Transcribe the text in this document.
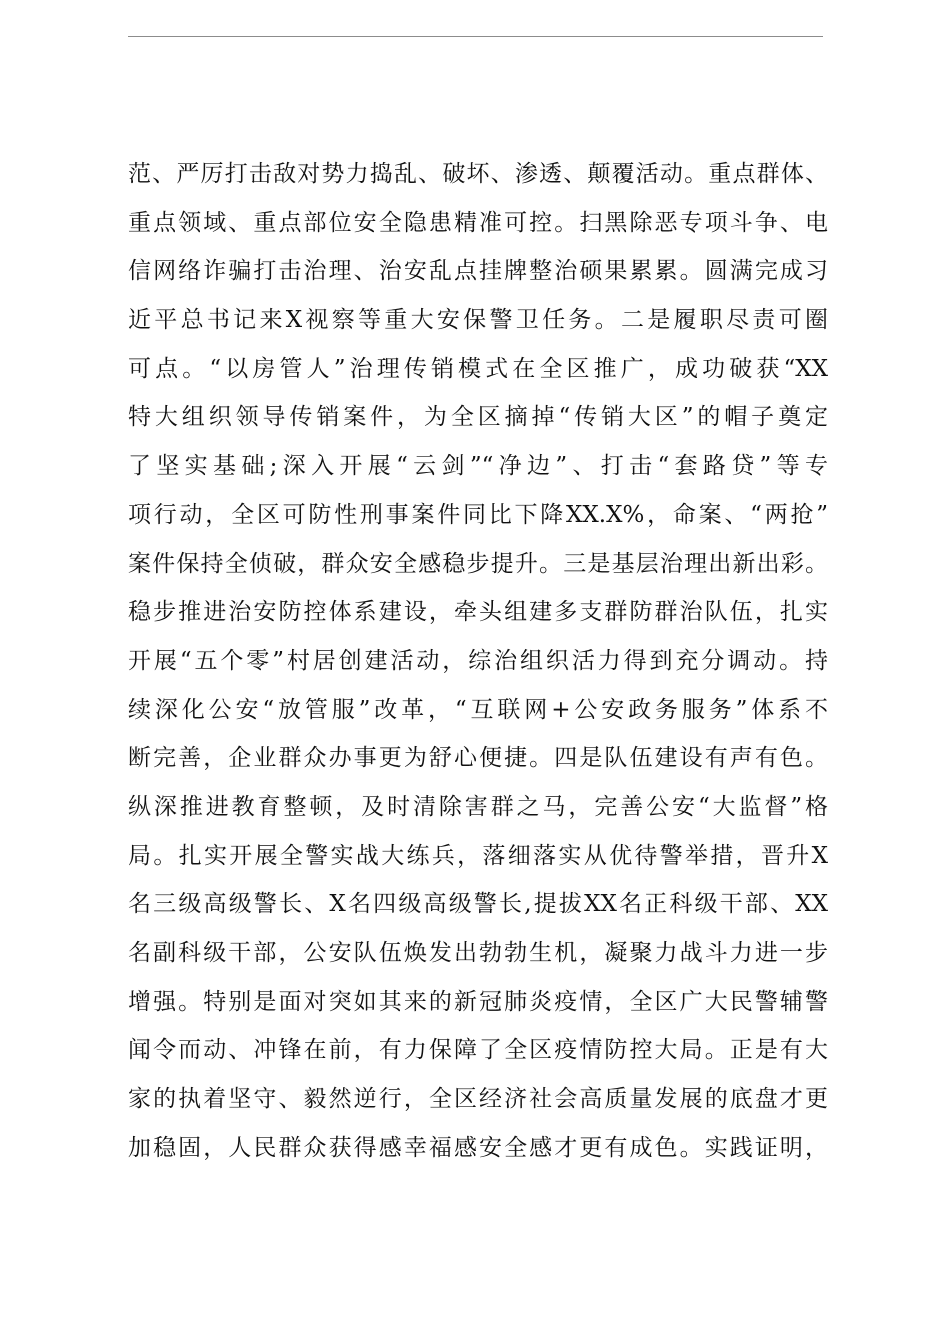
范、严厉打击敌对势力捣乱、破坏、渗透、颠覆活动。重点群体、
重点领域、重点部位安全隐患精准可控。扫黑除恶专项斗争、电
信网络诈骗打击治理、治安乱点挂牌整治硕果累累。圆满完成习
近平总书记来X视察等重大安保警卫任务。二是履职尽责可圈
可点。“以房管人”治理传销模式在全区推广，成功破获“XX
特大组织领导传销案件，为全区摘掉“传销大区”的帽子奠定
了坚实基础;深入开展“云剑”“净边”、打击“套路贷”等专
项行动，全区可防性刑事案件同比下降XX.X%，命案、“两抢”
案件保持全侦破，群众安全感稳步提升。三是基层治理出新出彩。
稳步推进治安防控体系建设，牵头组建多支群防群治队伍，扎实
开展“五个零”村居创建活动，综治组织活力得到充分调动。持
续深化公安“放管服”改革，“互联网+公安政务服务”体系不
断完善，企业群众办事更为舒心便捷。四是队伍建设有声有色。
纵深推进教育整顿，及时清除害群之马，完善公安“大监督”格
局。扎实开展全警实战大练兵，落细落实从优待警举措，晋升X
名三级高级警长、X名四级高级警长,提拔XX名正科级干部、XX
名副科级干部，公安队伍焕发出勃勃生机，凝聚力战斗力进一步
增强。特别是面对突如其来的新冠肺炎疫情，全区广大民警辅警
闻令而动、冲锋在前，有力保障了全区疫情防控大局。正是有大
家的执着坚守、毅然逆行，全区经济社会高质量发展的底盘才更
加稳固，人民群众获得感幸福感安全感才更有成色。实践证明，
